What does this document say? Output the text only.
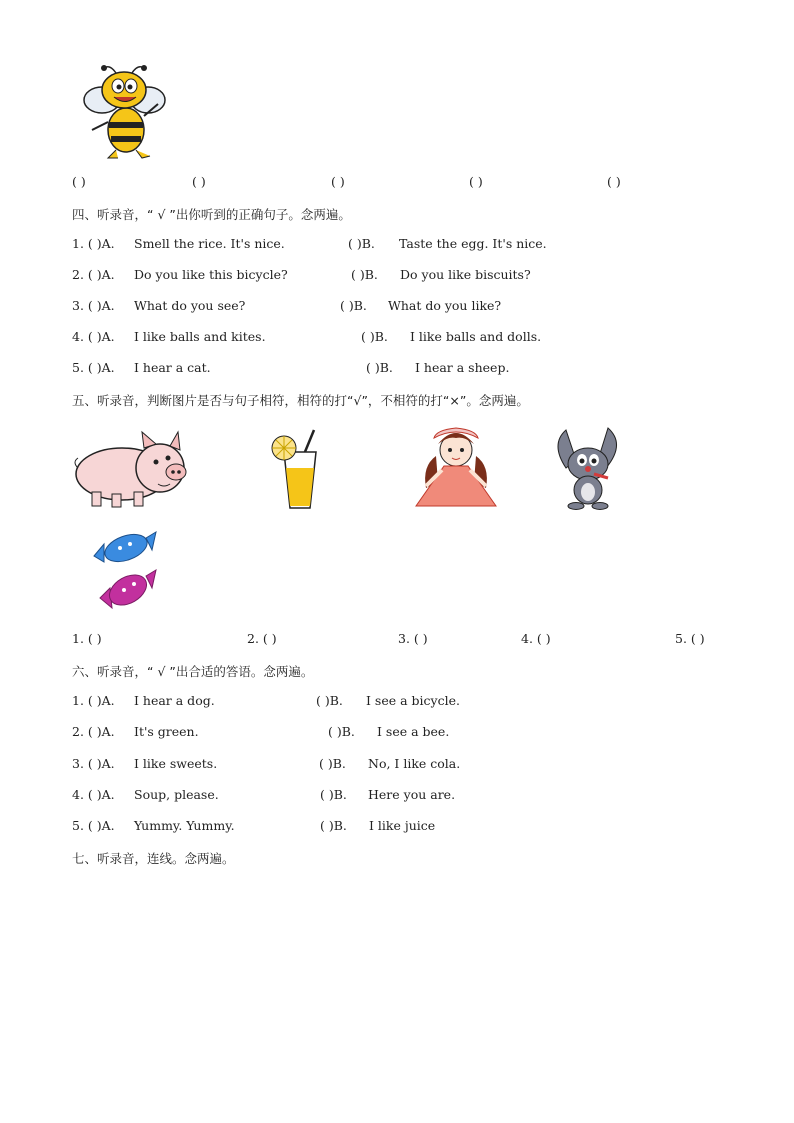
( )	( )	( )	( )	( )
四、听录音，“ √ ”出你听到的正确句子。念两遍。
1. ( )A. Smell the rice. It's nice.	( )B. Taste the egg. It's nice.
2. ( )A. Do you like this bicycle?	( )B. Do you like biscuits?
3. ( )A. What do you see?	( )B. What do you like?
4. ( )A. I like balls and kites.	( )B. I like balls and dolls.
5. ( )A. I hear a cat.	( )B. I hear a sheep.
五、听录音，判断图片是否与句子相符，相符的打“√”，不相符的打“×”。念两遍。
1. ( )	2. ( )	3. ( )	4. ( )	5. ( )
六、听录音，“ √ ”出合适的答语。念两遍。
1. ( )A. I hear a dog.	( )B. I see a bicycle.
2. ( )A. It's green.	( )B. I see a bee.
3. ( )A. I like sweets.	( )B. No, I like cola.
4. ( )A. Soup, please.	( )B. Here you are.
5. ( )A. Yummy. Yummy.	( )B. I like juice
七、听录音，连线。念两遍。
